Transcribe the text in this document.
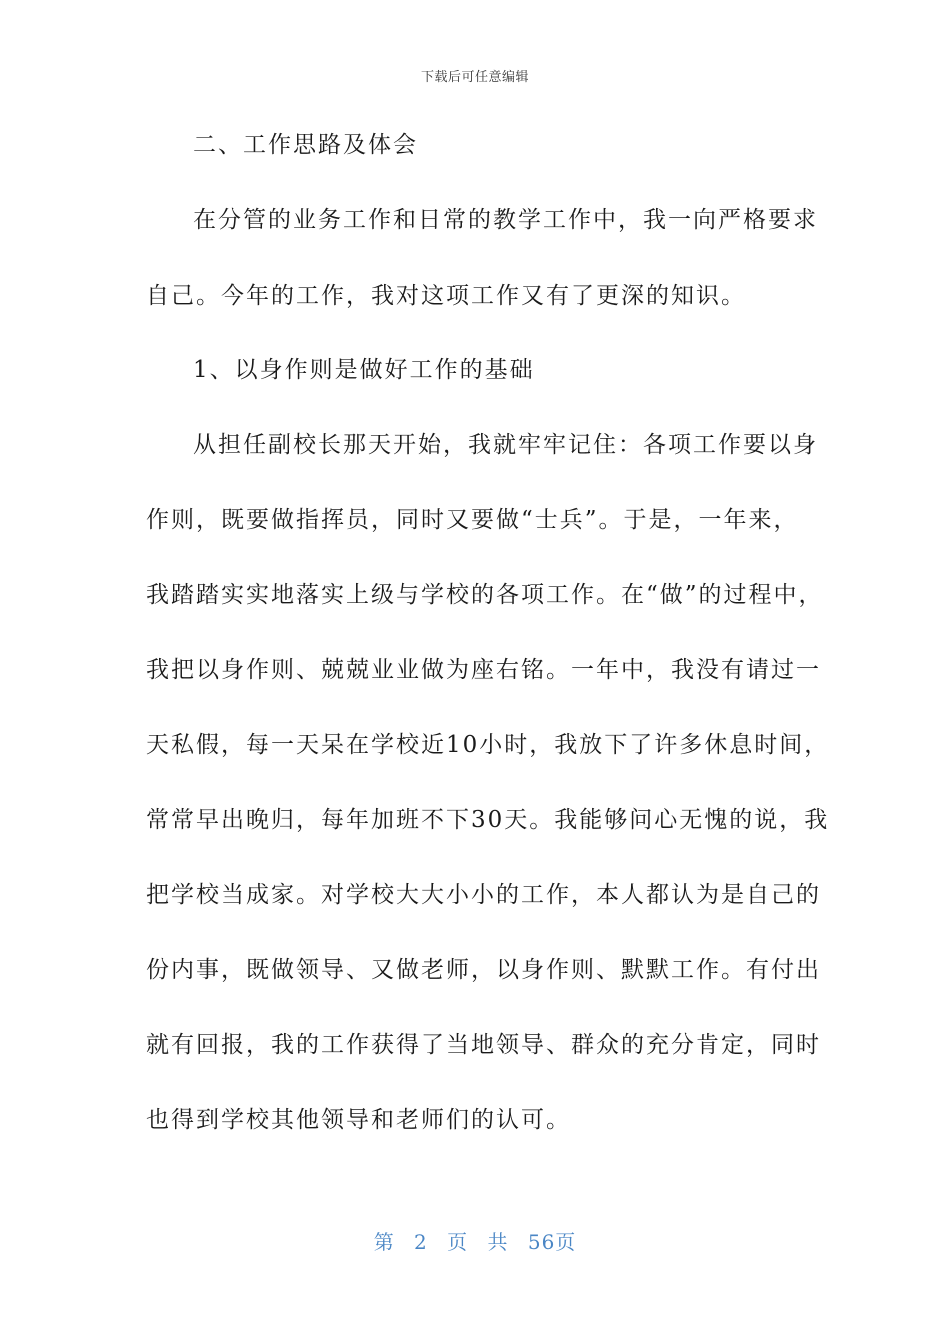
下载后可任意编辑
二、工作思路及体会
在分管的业务工作和日常的教学工作中，我一向严格要求
自己。今年的工作，我对这项工作又有了更深的知识。
1、以身作则是做好工作的基础
从担任副校长那天开始，我就牢牢记住：各项工作要以身
作则，既要做指挥员，同时又要做“士兵”。于是，一年来，
我踏踏实实地落实上级与学校的各项工作。在“做”的过程中，
我把以身作则、兢兢业业做为座右铭。一年中，我没有请过一
天私假，每一天呆在学校近10小时，我放下了许多休息时间，
常常早出晚归，每年加班不下30天。我能够问心无愧的说，我
把学校当成家。对学校大大小小的工作，本人都认为是自己的
份内事，既做领导、又做老师，以身作则、默默工作。有付出
就有回报，我的工作获得了当地领导、群众的充分肯定，同时
也得到学校其他领导和老师们的认可。
第 2 页 共 56页
